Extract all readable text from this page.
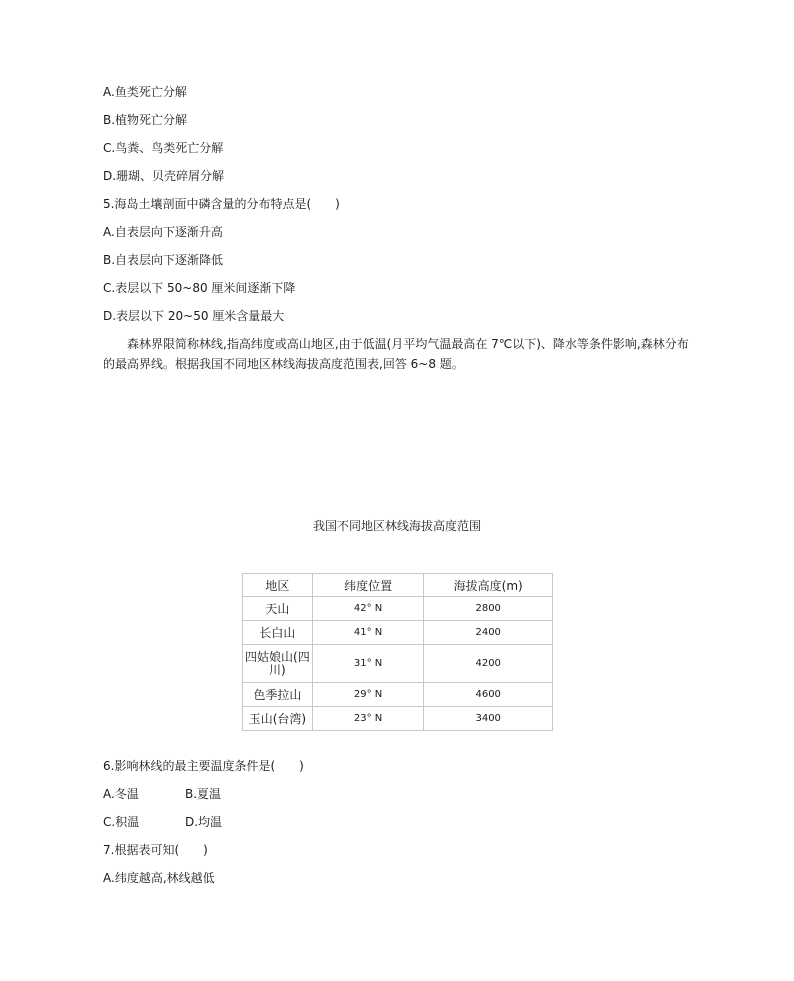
A.鱼类死亡分解
B.植物死亡分解
C.鸟粪、鸟类死亡分解
D.珊瑚、贝壳碎屑分解
5.海岛土壤剖面中磷含量的分布特点是(　　)
A.自表层向下逐渐升高
B.自表层向下逐渐降低
C.表层以下 50~80 厘米间逐渐下降
D.表层以下 20~50 厘米含量最大
森林界限简称林线,指高纬度或高山地区,由于低温(月平均气温最高在 7℃以下)、降水等条件影响,森林分布的最高界线。根据我国不同地区林线海拔高度范围表,回答 6~8 题。
我国不同地区林线海拔高度范围
地区	纬度位置	海拔高度(m)
天山	42° N	2800
长白山	41° N	2400
四姑娘山(四川)	31° N	4200
色季拉山	29° N	4600
玉山(台湾)	23° N	3400
6.影响林线的最主要温度条件是(　　)
A.冬温	B.夏温
C.积温	D.均温
7.根据表可知(　　)
A.纬度越高,林线越低
